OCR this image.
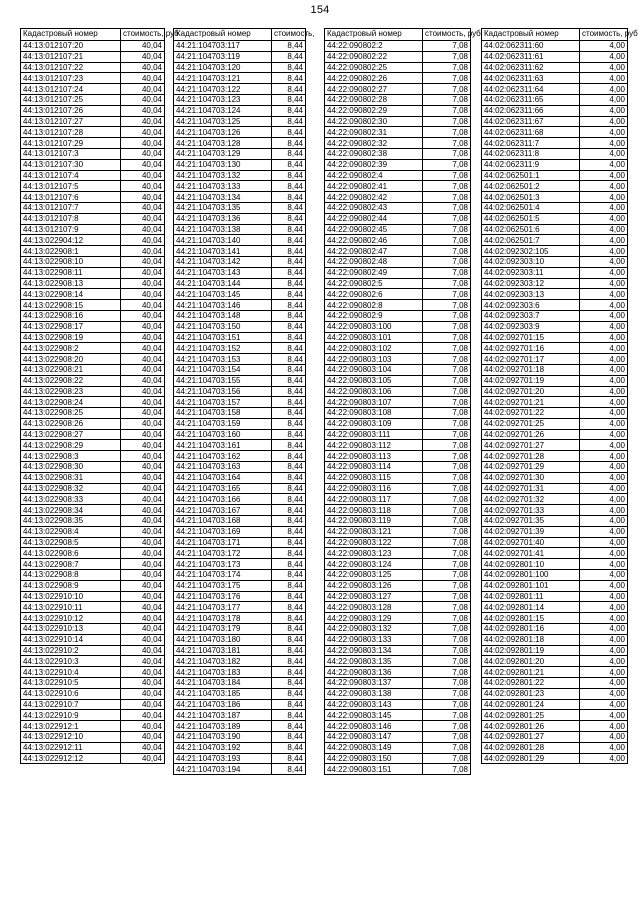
154
Кадастровый номер	стоимость, руб
44:13:012107:20	40,04
44:13:012107:21	40,04
44:13:012107:22	40,04
44:13:012107:23	40,04
44:13:012107:24	40,04
44:13:012107:25	40,04
44:13:012107:26	40,04
44:13:012107:27	40,04
44:13:012107:28	40,04
44:13:012107:29	40,04
44:13:012107:3	40,04
44:13:012107:30	40,04
44:13:012107:4	40,04
44:13:012107:5	40,04
44:13:012107:6	40,04
44:13:012107:7	40,04
44:13:012107:8	40,04
44:13:012107:9	40,04
44:13:022904:12	40,04
44:13:022908:1	40,04
44:13:022908:10	40,04
44:13:022908:11	40,04
44:13:022908:13	40,04
44:13:022908:14	40,04
44:13:022908:15	40,04
44:13:022908:16	40,04
44:13:022908:17	40,04
44:13:022908:19	40,04
44:13:022908:2	40,04
44:13:022908:20	40,04
44:13:022908:21	40,04
44:13:022908:22	40,04
44:13:022908:23	40,04
44:13:022908:24	40,04
44:13:022908:25	40,04
44:13:022908:26	40,04
44:13:022908:27	40,04
44:13:022908:29	40,04
44:13:022908:3	40,04
44:13:022908:30	40,04
44:13:022908:31	40,04
44:13:022908:32	40,04
44:13:022908:33	40,04
44:13:022908:34	40,04
44:13:022908:35	40,04
44:13:022908:4	40,04
44:13:022908:5	40,04
44:13:022908:6	40,04
44:13:022908:7	40,04
44:13:022908:8	40,04
44:13:022908:9	40,04
44:13:022910:10	40,04
44:13:022910:11	40,04
44:13:022910:12	40,04
44:13:022910:13	40,04
44:13:022910:14	40,04
44:13:022910:2	40,04
44:13:022910:3	40,04
44:13:022910:4	40,04
44:13:022910:5	40,04
44:13:022910:6	40,04
44:13:022910:7	40,04
44:13:022910:9	40,04
44:13:022912:1	40,04
44:13:022912:10	40,04
44:13:022912:11	40,04
44:13:022912:12	40,04
Кадастровый номер	стоимость,
44:21:104703:117	8,44
44:21:104703:119	8,44
44:21:104703:120	8,44
44:21:104703:121	8,44
44:21:104703:122	8,44
44:21:104703:123	8,44
44:21:104703:124	8,44
44:21:104703:125	8,44
44:21:104703:126	8,44
44:21:104703:128	8,44
44:21:104703:129	8,44
44:21:104703:130	8,44
44:21:104703:132	8,44
44:21:104703:133	8,44
44:21:104703:134	8,44
44:21:104703:135	8,44
44:21:104703:136	8,44
44:21:104703:138	8,44
44:21:104703:140	8,44
44:21:104703:141	8,44
44:21:104703:142	8,44
44:21:104703:143	8,44
44:21:104703:144	8,44
44:21:104703:145	8,44
44:21:104703:146	8,44
44:21:104703:148	8,44
44:21:104703:150	8,44
44:21:104703:151	8,44
44:21:104703:152	8,44
44:21:104703:153	8,44
44:21:104703:154	8,44
44:21:104703:155	8,44
44:21:104703:156	8,44
44:21:104703:157	8,44
44:21:104703:158	8,44
44:21:104703:159	8,44
44:21:104703:160	8,44
44:21:104703:161	8,44
44:21:104703:162	8,44
44:21:104703:163	8,44
44:21:104703:164	8,44
44:21:104703:165	8,44
44:21:104703:166	8,44
44:21:104703:167	8,44
44:21:104703:168	8,44
44:21:104703:169	8,44
44:21:104703:171	8,44
44:21:104703:172	8,44
44:21:104703:173	8,44
44:21:104703:174	8,44
44:21:104703:175	8,44
44:21:104703:176	8,44
44:21:104703:177	8,44
44:21:104703:178	8,44
44:21:104703:179	8,44
44:21:104703:180	8,44
44:21:104703:181	8,44
44:21:104703:182	8,44
44:21:104703:183	8,44
44:21:104703:184	8,44
44:21:104703:185	8,44
44:21:104703:186	8,44
44:21:104703:187	8,44
44:21:104703:189	8,44
44:21:104703:190	8,44
44:21:104703:192	8,44
44:21:104703:193	8,44
44:21:104703:194	8,44
Кадастровый номер	стоимость, руб
44:22:090802:2	7,08
44:22:090802:22	7,08
44:22:090802:25	7,08
44:22:090802:26	7,08
44:22:090802:27	7,08
44:22:090802:28	7,08
44:22:090802:29	7,08
44:22:090802:30	7,08
44:22:090802:31	7,08
44:22:090802:32	7,08
44:22:090802:38	7,08
44:22:090802:39	7,08
44:22:090802:4	7,08
44:22:090802:41	7,08
44:22:090802:42	7,08
44:22:090802:43	7,08
44:22:090802:44	7,08
44:22:090802:45	7,08
44:22:090802:46	7,08
44:22:090802:47	7,08
44:22:090802:48	7,08
44:22:090802:49	7,08
44:22:090802:5	7,08
44:22:090802:6	7,08
44:22:090802:8	7,08
44:22:090802:9	7,08
44:22:090803:100	7,08
44:22:090803:101	7,08
44:22:090803:102	7,08
44:22:090803:103	7,08
44:22:090803:104	7,08
44:22:090803:105	7,08
44:22:090803:106	7,08
44:22:090803:107	7,08
44:22:090803:108	7,08
44:22:090803:109	7,08
44:22:090803:111	7,08
44:22:090803:112	7,08
44:22:090803:113	7,08
44:22:090803:114	7,08
44:22:090803:115	7,08
44:22:090803:116	7,08
44:22:090803:117	7,08
44:22:090803:118	7,08
44:22:090803:119	7,08
44:22:090803:121	7,08
44:22:090803:122	7,08
44:22:090803:123	7,08
44:22:090803:124	7,08
44:22:090803:125	7,08
44:22:090803:126	7,08
44:22:090803:127	7,08
44:22:090803:128	7,08
44:22:090803:129	7,08
44:22:090803:132	7,08
44:22:090803:133	7,08
44:22:090803:134	7,08
44:22:090803:135	7,08
44:22:090803:136	7,08
44:22:090803:137	7,08
44:22:090803:138	7,08
44:22:090803:143	7,08
44:22:090803:145	7,08
44:22:090803:146	7,08
44:22:090803:147	7,08
44:22:090803:149	7,08
44:22:090803:150	7,08
44:22:090803:151	7,08
Кадастровый номер	стоимость, руб
44:02:062311:60	4,00
44:02:062311:61	4,00
44:02:062311:62	4,00
44:02:062311:63	4,00
44:02:062311:64	4,00
44:02:062311:65	4,00
44:02:062311:66	4,00
44:02:062311:67	4,00
44:02:062311:68	4,00
44:02:062311:7	4,00
44:02:062311:8	4,00
44:02:062311:9	4,00
44:02:062501:1	4,00
44:02:062501:2	4,00
44:02:062501:3	4,00
44:02:062501:4	4,00
44:02:062501:5	4,00
44:02:062501:6	4,00
44:02:062501:7	4,00
44:02:092302:105	4,00
44:02:092303:10	4,00
44:02:092303:11	4,00
44:02:092303:12	4,00
44:02:092303:13	4,00
44:02:092303:6	4,00
44:02:092303:7	4,00
44:02:092303:9	4,00
44:02:092701:15	4,00
44:02:092701:16	4,00
44:02:092701:17	4,00
44:02:092701:18	4,00
44:02:092701:19	4,00
44:02:092701:20	4,00
44:02:092701:21	4,00
44:02:092701:22	4,00
44:02:092701:25	4,00
44:02:092701:26	4,00
44:02:092701:27	4,00
44:02:092701:28	4,00
44:02:092701:29	4,00
44:02:092701:30	4,00
44:02:092701:31	4,00
44:02:092701:32	4,00
44:02:092701:33	4,00
44:02:092701:35	4,00
44:02:092701:39	4,00
44:02:092701:40	4,00
44:02:092701:41	4,00
44:02:092801:10	4,00
44:02:092801:100	4,00
44:02:092801:101	4,00
44:02:092801:11	4,00
44:02:092801:14	4,00
44:02:092801:15	4,00
44:02:092801:16	4,00
44:02:092801:18	4,00
44:02:092801:19	4,00
44:02:092801:20	4,00
44:02:092801:21	4,00
44:02:092801:22	4,00
44:02:092801:23	4,00
44:02:092801:24	4,00
44:02:092801:25	4,00
44:02:092801:26	4,00
44:02:092801:27	4,00
44:02:092801:28	4,00
44:02:092801:29	4,00
